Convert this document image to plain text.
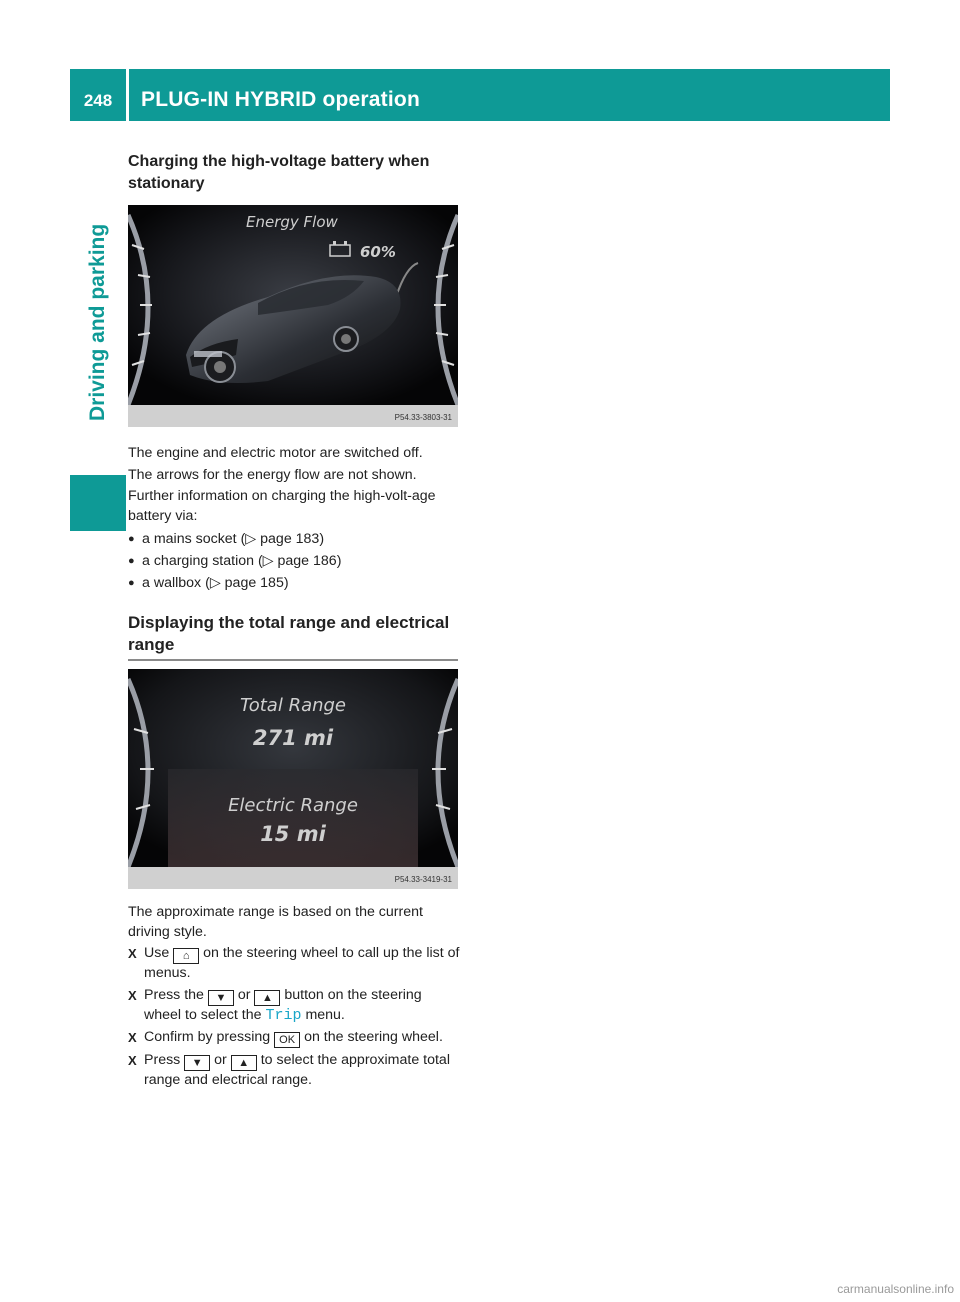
248	PLUG-IN HYBRID operation
Driving and parking
Charging the high-voltage battery when stationary
Energy Flow
60%
P54.33-3803-31

The engine and electric motor are switched off.

The arrows for the energy flow are not shown.

Further information on charging the high-volt-age battery via:

● a mains socket (▷ page 183)
● a charging station (▷ page 186)
● a wallbox (▷ page 185)
Displaying the total range and electrical range
Total Range
271 mi
Electric Range
15 mi
P54.33-3419-31

The approximate range is based on the current driving style.

X Use ⌂ on the steering wheel to call up the list of menus.
X Press the ▼ or ▲ button on the steering wheel to select the Trip menu.
X Confirm by pressing OK on the steering wheel.
X Press ▼ or ▲ to select the approximate total range and electrical range.
carmanualsonline.info
